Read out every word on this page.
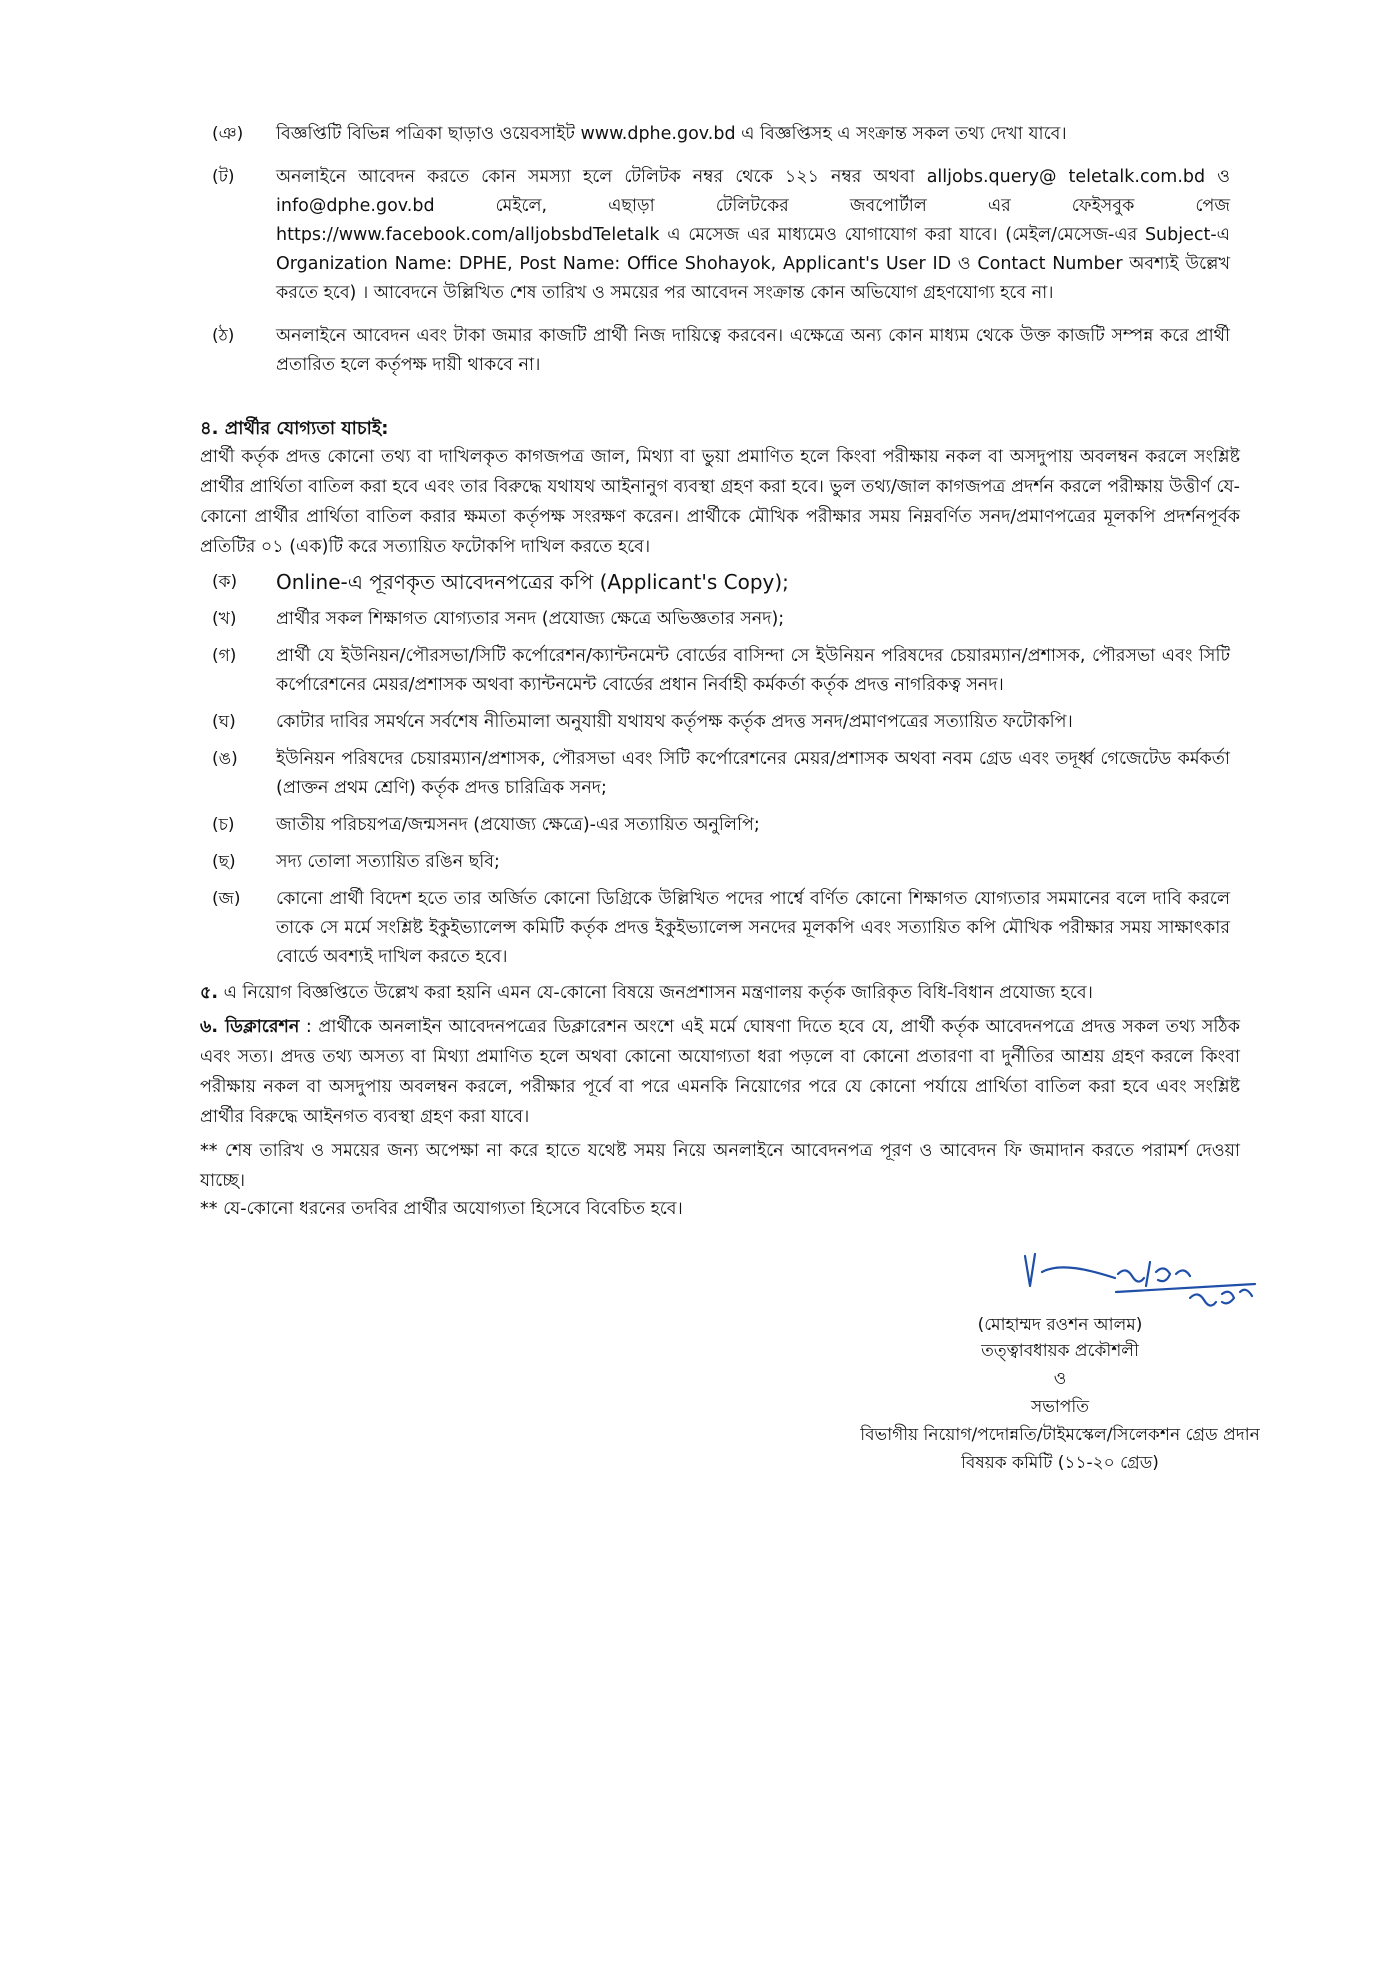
( ঞ )	বিজ্ঞপ্তিটি বিভিন্ন পত্রিকা ছাড়াও ওয়েবসাইট www.dphe.gov.bd এ বিজ্ঞপ্তিসহ এ সংক্রান্ত সকল তথ্য দেখা যাবে।
( ট )	অনলাইনে আবেদন করতে কোন সমস্যা হলে টেলিটক নম্বর থেকে ১২১ নম্বর অথবা alljobs.query@ teletalk.com.bd ও info@dphe.gov.bd মেইলে, এছাড়া টেলিটকের জবপোর্টাল এর ফেইসবুক পেজ https://www.facebook.com/alljobsbdTeletalk এ মেসেজ এর মাধ্যমেও যোগাযোগ করা যাবে। (মেইল/মেসেজ-এর Subject-এ Organization Name: DPHE, Post Name: Office Shohayok, Applicant's User ID ও Contact Number অবশ্যই উল্লেখ করতে হবে) । আবেদনে উল্লিখিত শেষ তারিখ ও সময়ের পর আবেদন সংক্রান্ত কোন অভিযোগ গ্রহণযোগ্য হবে না।
( ঠ )	অনলাইনে আবেদন এবং টাকা জমার কাজটি প্রার্থী নিজ দায়িত্বে করবেন। এক্ষেত্রে অন্য কোন মাধ্যম থেকে উক্ত কাজটি সম্পন্ন করে প্রার্থী প্রতারিত হলে কর্তৃপক্ষ দায়ী থাকবে না।
৪. প্রার্থীর যোগ্যতা যাচাই:

প্রার্থী কর্তৃক প্রদত্ত কোনো তথ্য বা দাখিলকৃত কাগজপত্র জাল, মিথ্যা বা ভুয়া প্রমাণিত হলে কিংবা পরীক্ষায় নকল বা অসদুপায় অবলম্বন করলে সংশ্লিষ্ট প্রার্থীর প্রার্থিতা বাতিল করা হবে এবং তার বিরুদ্ধে যথাযথ আইনানুগ ব্যবস্থা গ্রহণ করা হবে। ভুল তথ্য/জাল কাগজপত্র প্রদর্শন করলে পরীক্ষায় উত্তীর্ণ যে-কোনো প্রার্থীর প্রার্থিতা বাতিল করার ক্ষমতা কর্তৃপক্ষ সংরক্ষণ করেন। প্রার্থীকে মৌখিক পরীক্ষার সময় নিম্নবর্ণিত সনদ/প্রমাণপত্রের মূলকপি প্রদর্শনপূর্বক প্রতিটির ০১ (এক)টি করে সত্যায়িত ফটোকপি দাখিল করতে হবে।

( ক )	Online-এ পূরণকৃত আবেদনপত্রের কপি (Applicant's Copy);
( খ )	প্রার্থীর সকল শিক্ষাগত যোগ্যতার সনদ (প্রযোজ্য ক্ষেত্রে অভিজ্ঞতার সনদ);
( গ )	প্রার্থী যে ইউনিয়ন/পৌরসভা/সিটি কর্পোরেশন/ক্যান্টনমেন্ট বোর্ডের বাসিন্দা সে ইউনিয়ন পরিষদের চেয়ারম্যান/প্রশাসক, পৌরসভা এবং সিটি কর্পোরেশনের মেয়র/প্রশাসক অথবা ক্যান্টনমেন্ট বোর্ডের প্রধান নির্বাহী কর্মকর্তা কর্তৃক প্রদত্ত নাগরিকত্ব সনদ।
( ঘ )	কোটার দাবির সমর্থনে সর্বশেষ নীতিমালা অনুযায়ী যথাযথ কর্তৃপক্ষ কর্তৃক প্রদত্ত সনদ/প্রমাণপত্রের সত্যায়িত ফটোকপি।
( ঙ )	ইউনিয়ন পরিষদের চেয়ারম্যান/প্রশাসক, পৌরসভা এবং সিটি কর্পোরেশনের মেয়র/প্রশাসক অথবা নবম গ্রেড এবং তদূর্ধ্ব গেজেটেড কর্মকর্তা (প্রাক্তন প্রথম শ্রেণি) কর্তৃক প্রদত্ত চারিত্রিক সনদ;
( চ )	জাতীয় পরিচয়পত্র/জন্মসনদ (প্রযোজ্য ক্ষেত্রে)-এর সত্যায়িত অনুলিপি;
( ছ )	সদ্য তোলা সত্যায়িত রঙিন ছবি;
( জ )	কোনো প্রার্থী বিদেশ হতে তার অর্জিত কোনো ডিগ্রিকে উল্লিখিত পদের পার্শ্বে বর্ণিত কোনো শিক্ষাগত যোগ্যতার সমমানের বলে দাবি করলে তাকে সে মর্মে সংশ্লিষ্ট ইকুইভ্যালেন্স কমিটি কর্তৃক প্রদত্ত ইকুইভ্যালেন্স সনদের মূলকপি এবং সত্যায়িত কপি মৌখিক পরীক্ষার সময় সাক্ষাৎকার বোর্ডে অবশ্যই দাখিল করতে হবে।

৫. এ নিয়োগ বিজ্ঞপ্তিতে উল্লেখ করা হয়নি এমন যে-কোনো বিষয়ে জনপ্রশাসন মন্ত্রণালয় কর্তৃক জারিকৃত বিধি-বিধান প্রযোজ্য হবে।

৬. ডিক্লারেশন : প্রার্থীকে অনলাইন আবেদনপত্রের ডিক্লারেশন অংশে এই মর্মে ঘোষণা দিতে হবে যে, প্রার্থী কর্তৃক আবেদনপত্রে প্রদত্ত সকল তথ্য সঠিক এবং সত্য। প্রদত্ত তথ্য অসত্য বা মিথ্যা প্রমাণিত হলে অথবা কোনো অযোগ্যতা ধরা পড়লে বা কোনো প্রতারণা বা দুর্নীতির আশ্রয় গ্রহণ করলে কিংবা পরীক্ষায় নকল বা অসদুপায় অবলম্বন করলে, পরীক্ষার পূর্বে বা পরে এমনকি নিয়োগের পরে যে কোনো পর্যায়ে প্রার্থিতা বাতিল করা হবে এবং সংশ্লিষ্ট প্রার্থীর বিরুদ্ধে আইনগত ব্যবস্থা গ্রহণ করা যাবে।

** শেষ তারিখ ও সময়ের জন্য অপেক্ষা না করে হাতে যথেষ্ট সময় নিয়ে অনলাইনে আবেদনপত্র পূরণ ও আবেদন ফি জমাদান করতে পরামর্শ দেওয়া যাচ্ছে।

** যে-কোনো ধরনের তদবির প্রার্থীর অযোগ্যতা হিসেবে বিবেচিত হবে।

(মোহাম্মদ রওশন আলম)
তত্ত্বাবধায়ক প্রকৌশলী
ও
সভাপতি
বিভাগীয় নিয়োগ/পদোন্নতি/টাইমস্কেল/সিলেকশন গ্রেড প্রদান
বিষয়ক কমিটি (১১-২০ গ্রেড)
